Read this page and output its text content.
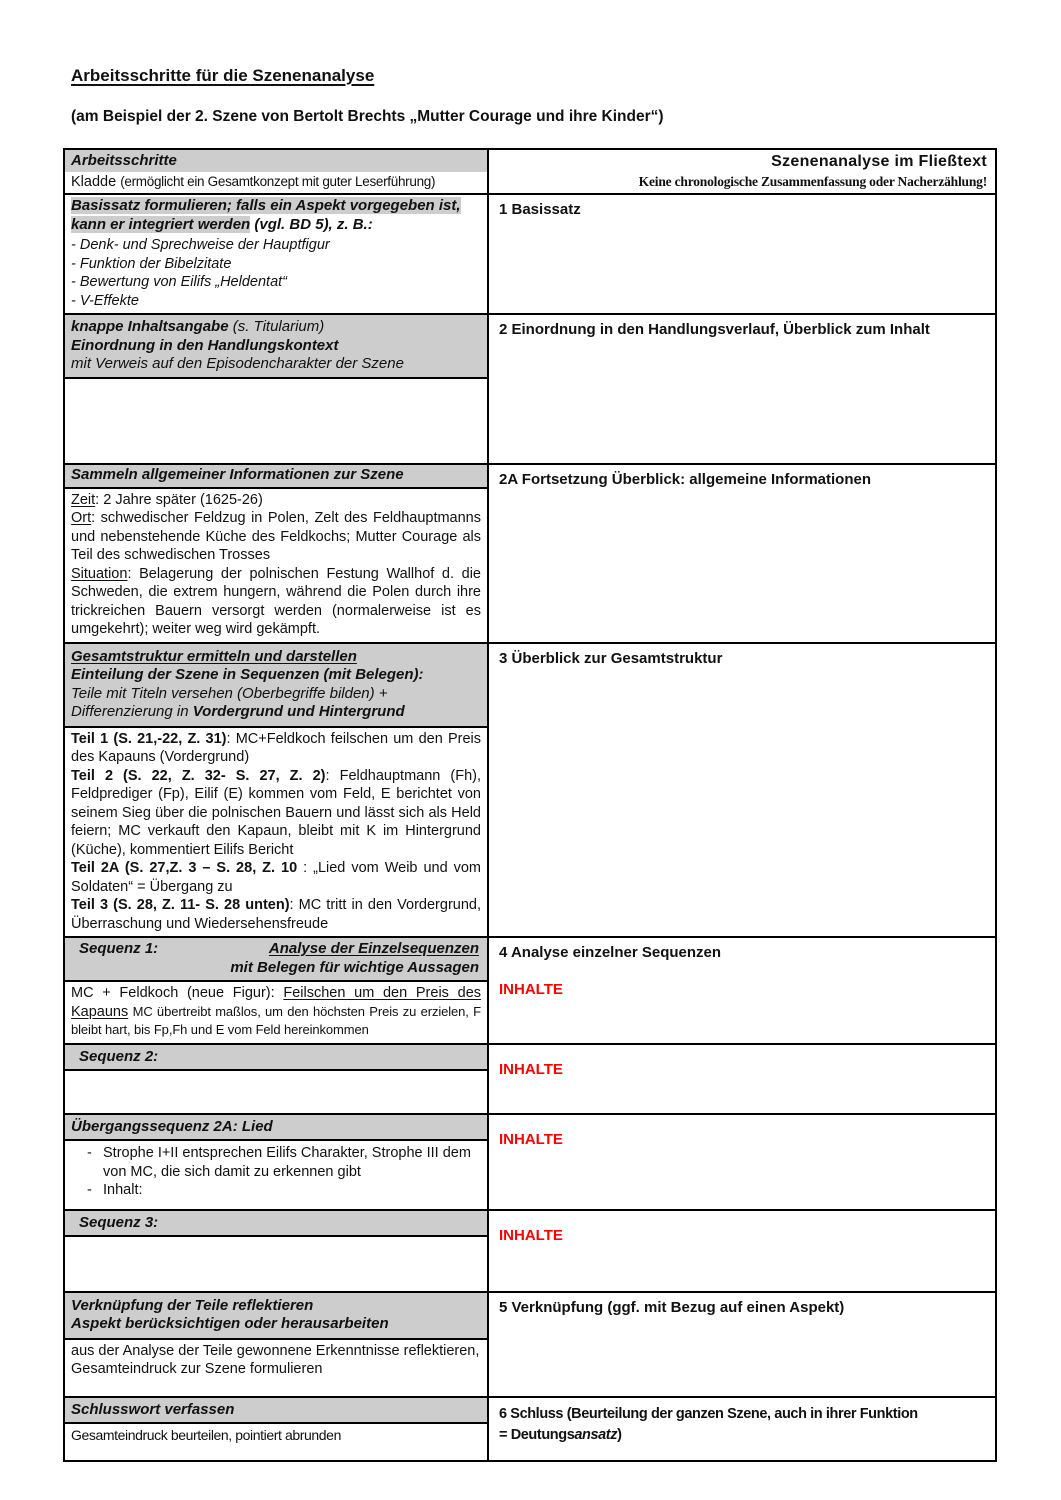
Arbeitsschritte für die Szenenanalyse
(am Beispiel der 2. Szene von Bertolt Brechts „Mutter Courage und ihre Kinder“)
Arbeitsschritte
Kladde (ermöglicht ein Gesamtkonzept mit guter Leserführung)
Szenenanalyse im Fließtext
Keine chronologische Zusammenfassung oder Nacherzählung!
Basissatz formulieren; falls ein Aspekt vorgegeben ist, kann er integriert werden (vgl. BD 5), z. B.:

- Denk- und Sprechweise der Hauptfigur

- Funktion der Bibelzitate

- Bewertung von Eilifs „Heldentat“

- V-Effekte

1 Basissatz
knappe Inhaltsangabe (s. Titularium)
Einordnung in den Handlungskontext
mit Verweis auf den Episodencharakter der Szene
2 Einordnung in den Handlungsverlauf, Überblick zum Inhalt
Sammeln allgemeiner Informationen zur Szene

Zeit: 2 Jahre später (1625-26)

Ort: schwedischer Feldzug in Polen, Zelt des Feldhauptmanns und nebenstehende Küche des Feldkochs; Mutter Courage als Teil des schwedischen Trosses

Situation: Belagerung der polnischen Festung Wallhof d. die Schweden, die extrem hungern, während die Polen durch ihre trickreichen Bauern versorgt werden (normalerweise ist es umgekehrt); weiter weg wird gekämpft.

2A Fortsetzung Überblick: allgemeine Informationen
Gesamtstruktur ermitteln und darstellen
Einteilung der Szene in Sequenzen (mit Belegen):
Teile mit Titeln versehen (Oberbegriffe bilden) +
Differenzierung in Vordergrund und Hintergrund

Teil 1 (S. 21,-22, Z. 31): MC+Feldkoch feilschen um den Preis des Kapauns (Vordergrund)

Teil 2 (S. 22, Z. 32- S. 27, Z. 2): Feldhauptmann (Fh), Feldprediger (Fp), Eilif (E) kommen vom Feld, E berichtet von seinem Sieg über die polnischen Bauern und lässt sich als Held feiern; MC verkauft den Kapaun, bleibt mit K im Hintergrund (Küche), kommentiert Eilifs Bericht

Teil 2A (S. 27,Z. 3 – S. 28, Z. 10 : „Lied vom Weib und vom Soldaten“ = Übergang zu

Teil 3 (S. 28, Z. 11- S. 28 unten): MC tritt in den Vordergrund, Überraschung und Wiedersehensfreude

3 Überblick zur Gesamtstruktur
Sequenz 1:	Analyse der Einzelsequenzen
mit Belegen für wichtige Aussagen
MC + Feldkoch (neue Figur): Feilschen um den Preis des Kapauns MC übertreibt maßlos, um den höchsten Preis zu erzielen, F bleibt hart, bis Fp,Fh und E vom Feld hereinkommen
4 Analyse einzelner Sequenzen
INHALTE
Sequenz 2:
INHALTE
Übergangssequenz 2A: Lied
- Strophe I+II entsprechen Eilifs Charakter, Strophe III dem von MC, die sich damit zu erkennen gibt
- Inhalt:
INHALTE
Sequenz 3:
INHALTE
Verknüpfung der Teile reflektieren
Aspekt berücksichtigen oder herausarbeiten
aus der Analyse der Teile gewonnene Erkenntnisse reflektieren, Gesamteindruck zur Szene formulieren
5 Verknüpfung (ggf. mit Bezug auf einen Aspekt)
Schlusswort verfassen
Gesamteindruck beurteilen, pointiert abrunden
6 Schluss (Beurteilung der ganzen Szene, auch in ihrer Funktion = Deutungsansatz)
